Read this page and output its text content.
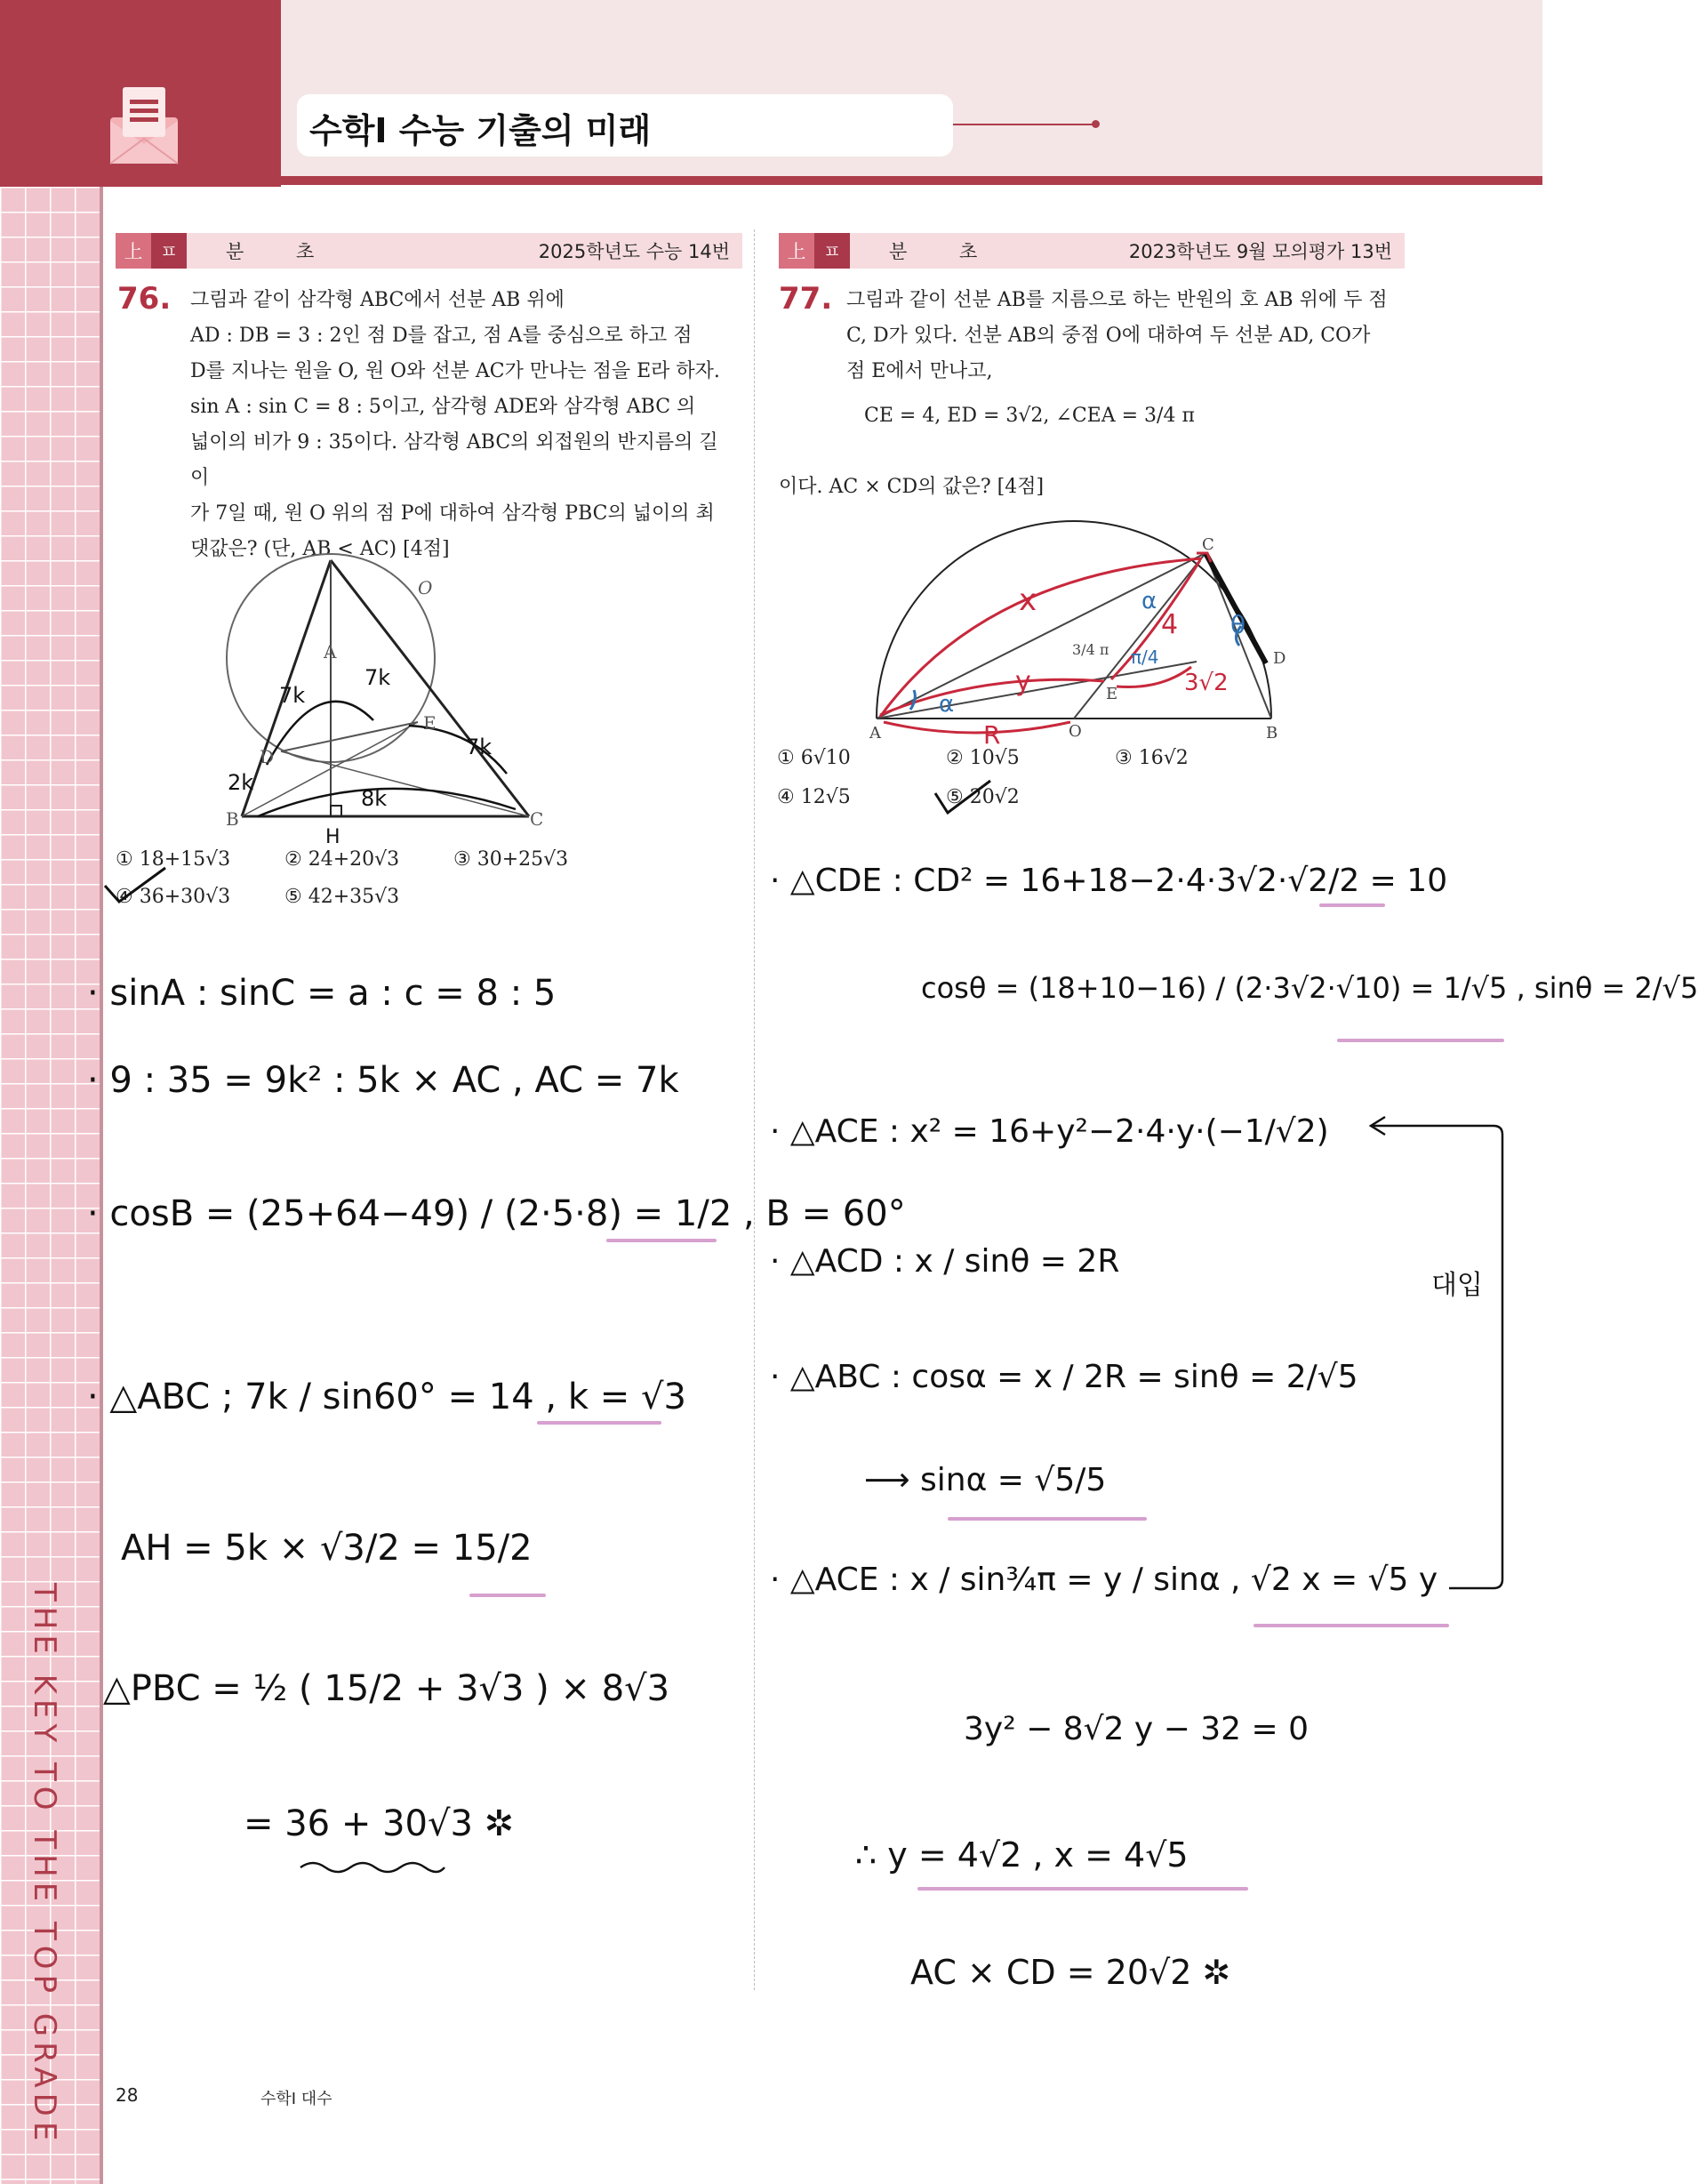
수학Ⅰ 수능 기출의 미래
THE KEY TO THE TOP GRADE
上 ㅍ	분 초	2025학년도 수능 14번
76. 그림과 같이 삼각형 ABC에서 선분 AB 위에
AD : DB = 3 : 2인 점 D를 잡고, 점 A를 중심으로 하고 점
D를 지나는 원을 O, 원 O와 선분 AC가 만나는 점을 E라 하자.
sin A : sin C = 8 : 5이고, 삼각형 ADE와 삼각형 ABC 의
넓이의 비가 9 : 35이다. 삼각형 ABC의 외접원의 반지름의 길이
가 7일 때, 원 O 위의 점 P에 대하여 삼각형 PBC의 넓이의 최
댓값은? (단, AB < AC) [4점]
O
A
D
E
B	C
H
7k
7k
7k
2k
8k
① 18+15√3	② 24+20√3	③ 30+25√3
④ 36+30√3	⑤ 42+35√3
· sinA : sinC = a : c = 8 : 5
· 9 : 35 = 9k² : 5k × AC , AC = 7k
· cosB = (25+64−49) / (2·5·8) = 1/2 , B = 60°
· △ABC ; 7k / sin60° = 14 , k = √3
AH = 5k × √3/2 = 15/2
△PBC = ½ ( 15/2 + 3√3 ) × 8√3
= 36 + 30√3 ✲
上 ㅍ	분 초	2023학년도 9월 모의평가 13번
77. 그림과 같이 선분 AB를 지름으로 하는 반원의 호 AB 위에 두 점
C, D가 있다. 선분 AB의 중점 O에 대하여 두 선분 AD, CO가
점 E에서 만나고,
CE = 4, ED = 3√2, ∠CEA = 3/4 π
이다. AC × CD의 값은? [4점]
C
D
A	B
O
E
x
y
R
α
α
θ
4
3√2
π/4
3/4 π
① 6√10	② 10√5	③ 16√2
④ 12√5	⑤ 20√2
· △CDE : CD² = 16+18−2·4·3√2·√2/2 = 10
cosθ = (18+10−16) / (2·3√2·√10) = 1/√5 , sinθ = 2/√5
· △ACE : x² = 16+y²−2·4·y·(−1/√2)
· △ACD : x / sinθ = 2R
· △ABC : cosα = x / 2R = sinθ = 2/√5
⟶ sinα = √5/5
· △ACE : x / sin¾π = y / sinα , √2 x = √5 y
대입
3y² − 8√2 y − 32 = 0
∴ y = 4√2 , x = 4√5
AC × CD = 20√2 ✲
28	수학Ⅰ 대수
